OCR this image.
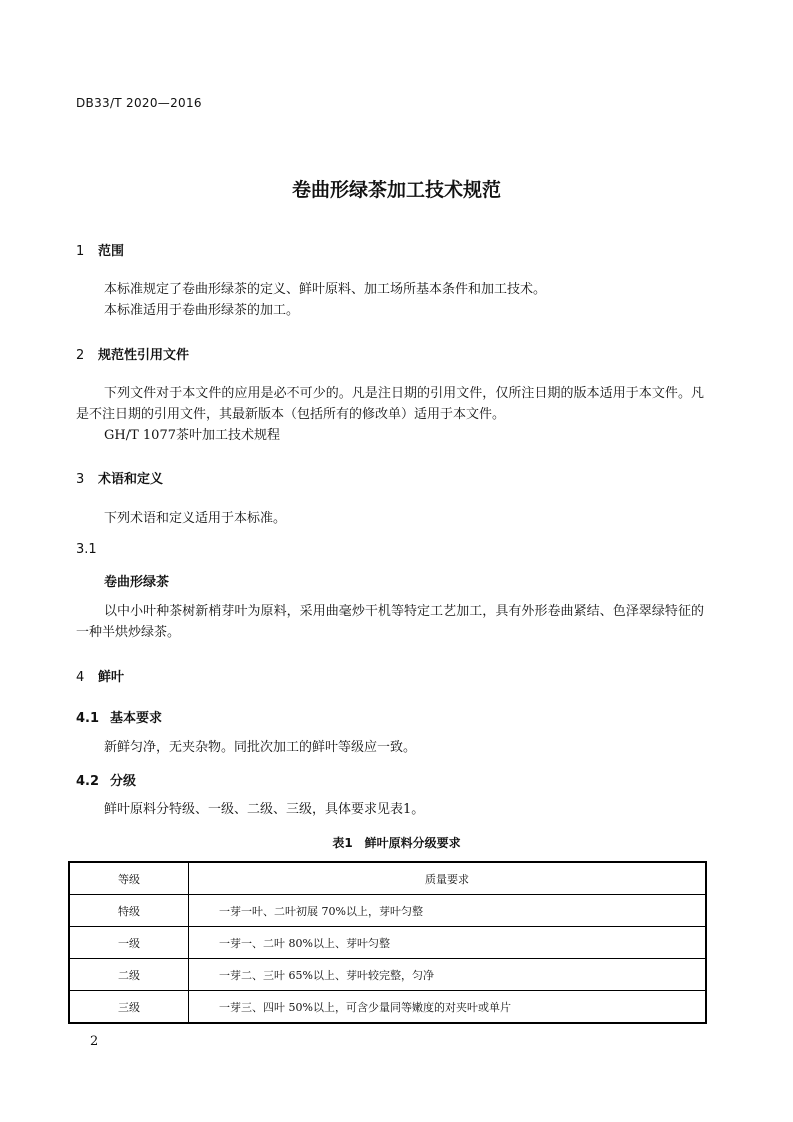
DB33/T 2020—2016
卷曲形绿茶加工技术规范
1 范围
本标准规定了卷曲形绿茶的定义、鲜叶原料、加工场所基本条件和加工技术。
本标准适用于卷曲形绿茶的加工。
2 规范性引用文件
下列文件对于本文件的应用是必不可少的。凡是注日期的引用文件，仅所注日期的版本适用于本文件。凡是不注日期的引用文件，其最新版本（包括所有的修改单）适用于本文件。
GH/T 1077茶叶加工技术规程
3 术语和定义
下列术语和定义适用于本标准。
3.1
卷曲形绿茶
以中小叶种茶树新梢芽叶为原料，采用曲毫炒干机等特定工艺加工，具有外形卷曲紧结、色泽翠绿特征的一种半烘炒绿茶。
4 鲜叶
4.1 基本要求
新鲜匀净，无夹杂物。同批次加工的鲜叶等级应一致。
4.2 分级
鲜叶原料分特级、一级、二级、三级，具体要求见表1。
表1　鲜叶原料分级要求
等级	质量要求
特级	一芽一叶、二叶初展 70%以上，芽叶匀整
一级	一芽一、二叶 80%以上、芽叶匀整
二级	一芽二、三叶 65%以上、芽叶较完整，匀净
三级	一芽三、四叶 50%以上，可含少量同等嫩度的对夹叶或单片
2
